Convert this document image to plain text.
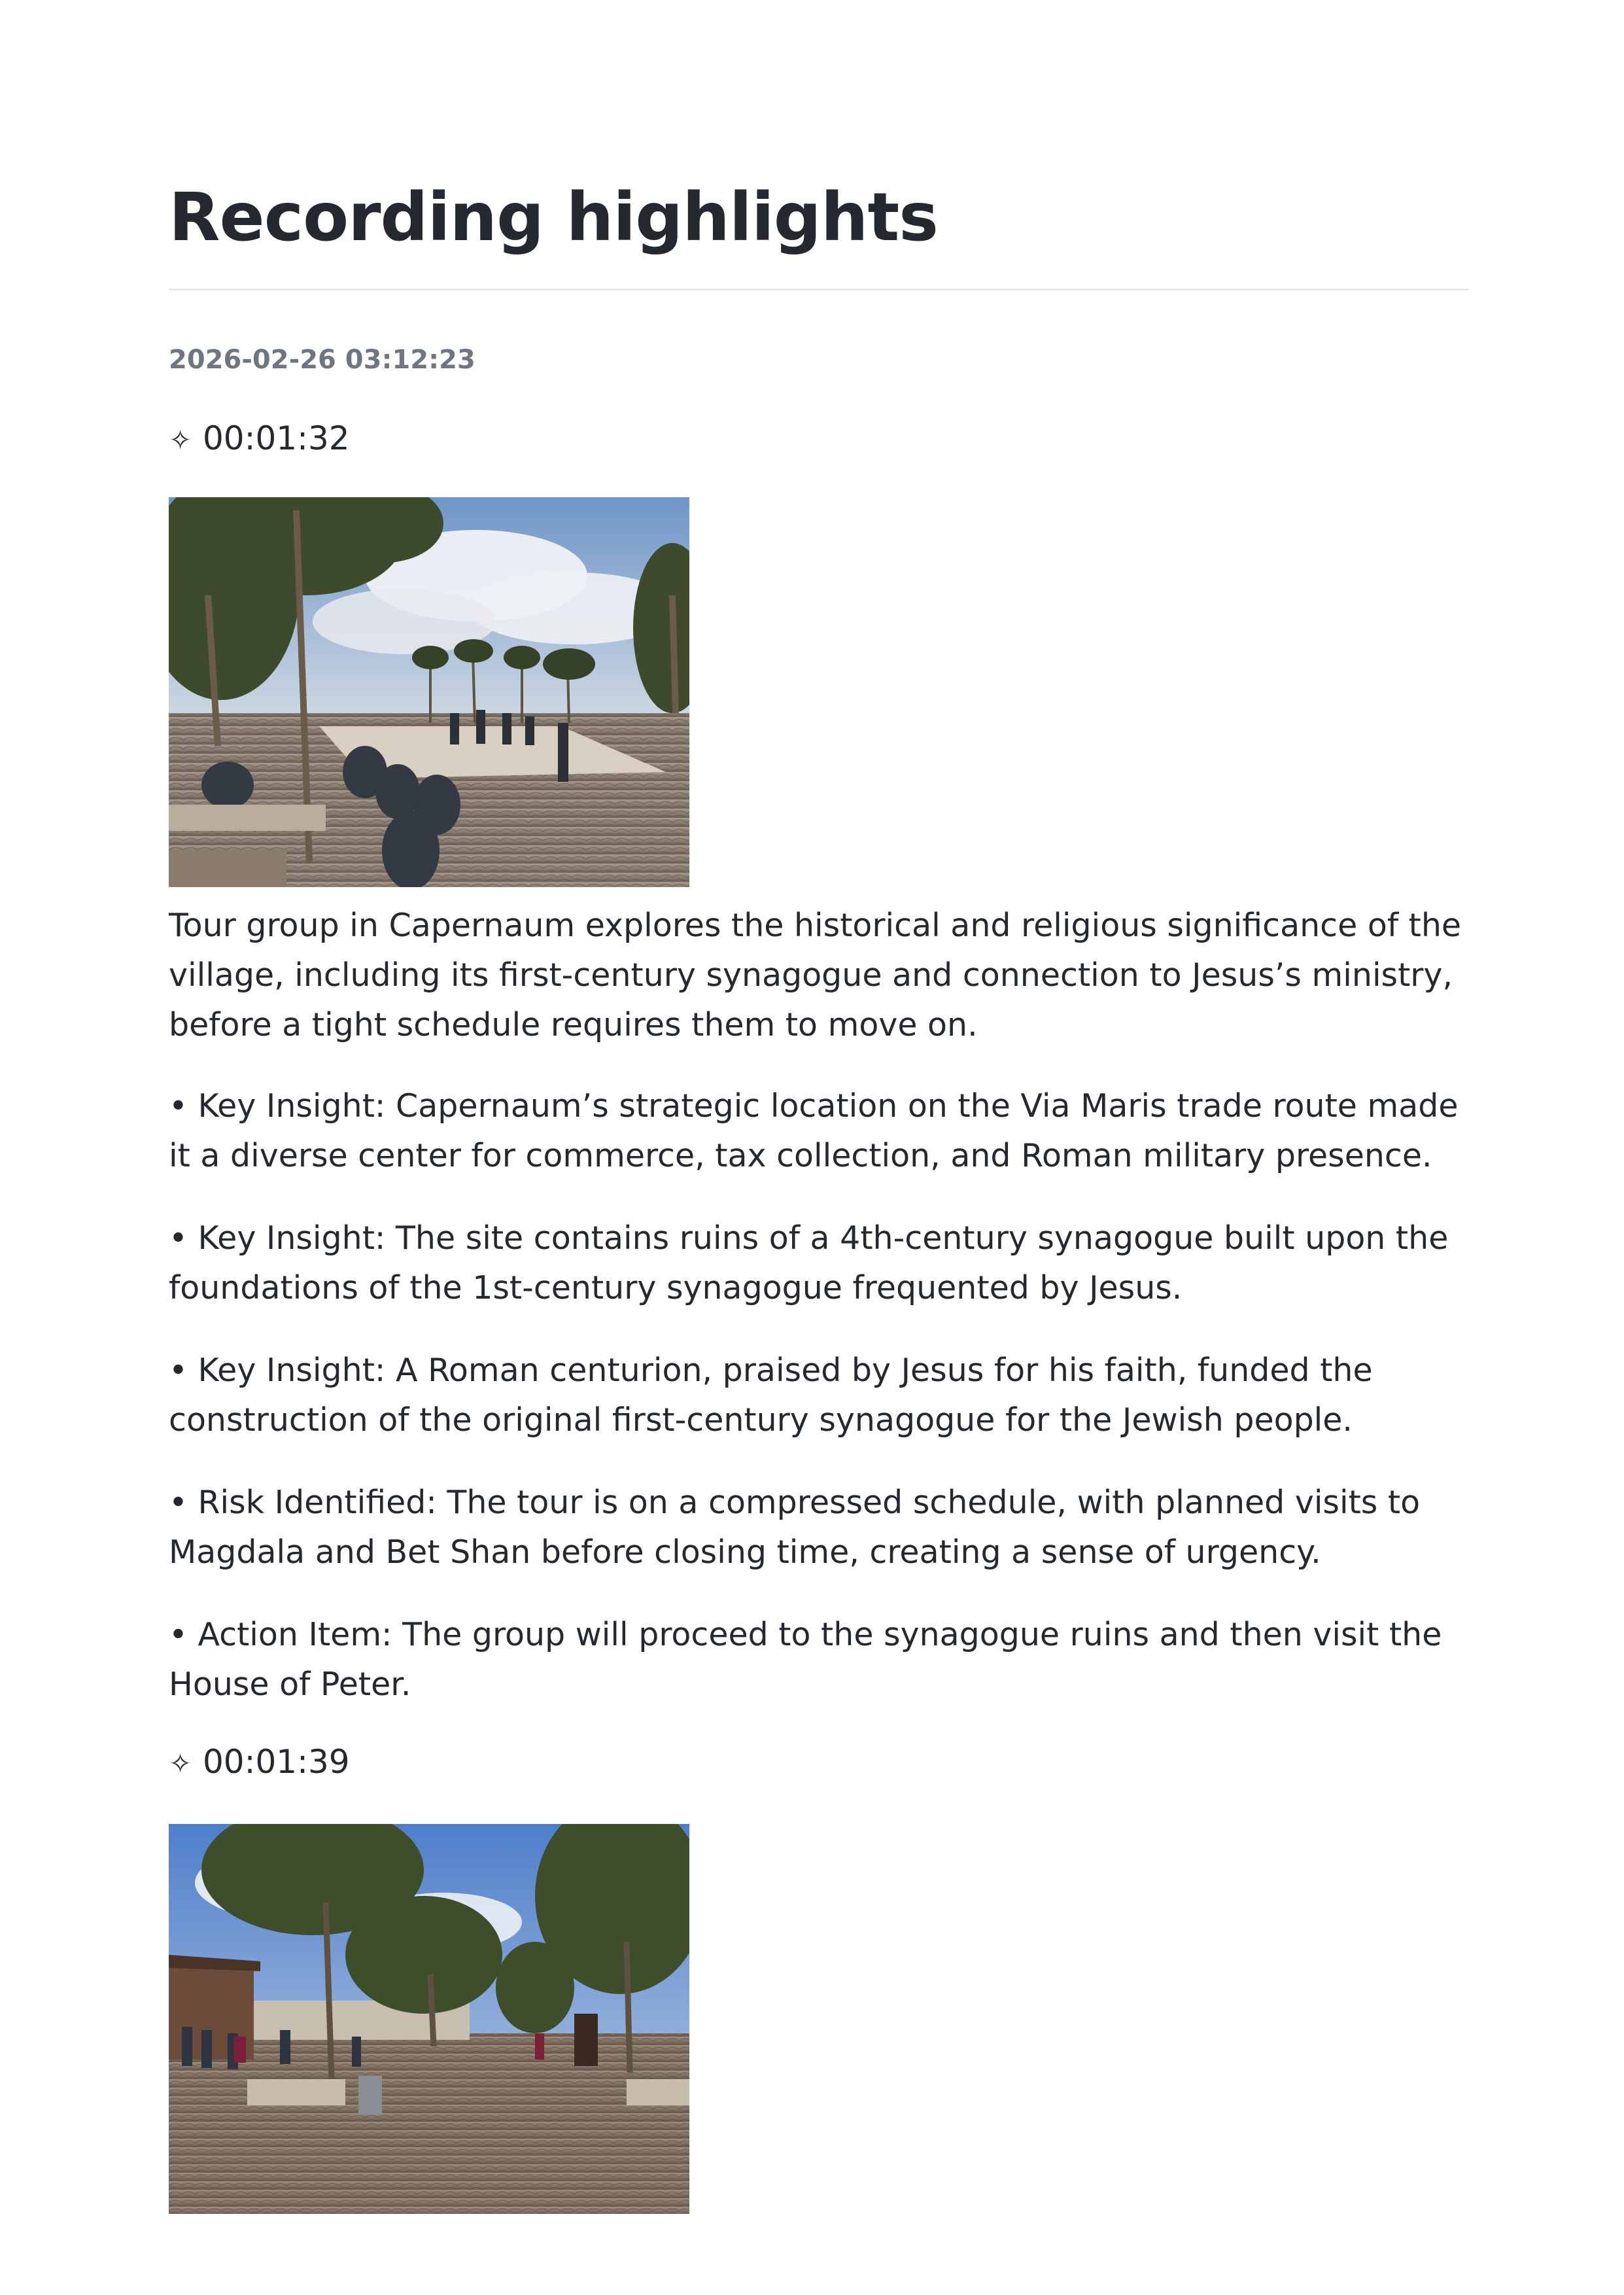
Recording highlights
2026-02-26 03:12:23
✧ 00:01:32

Tour group in Capernaum explores the historical and religious significance of the village, including its first-century synagogue and connection to Jesus’s ministry, before a tight schedule requires them to move on.

• Key Insight: Capernaum’s strategic location on the Via Maris trade route made it a diverse center for commerce, tax collection, and Roman military presence.

• Key Insight: The site contains ruins of a 4th-century synagogue built upon the foundations of the 1st-century synagogue frequented by Jesus.

• Key Insight: A Roman centurion, praised by Jesus for his faith, funded the construction of the original first-century synagogue for the Jewish people.

• Risk Identified: The tour is on a compressed schedule, with planned visits to Magdala and Bet Shan before closing time, creating a sense of urgency.

• Action Item: The group will proceed to the synagogue ruins and then visit the House of Peter.

✧ 00:01:39
